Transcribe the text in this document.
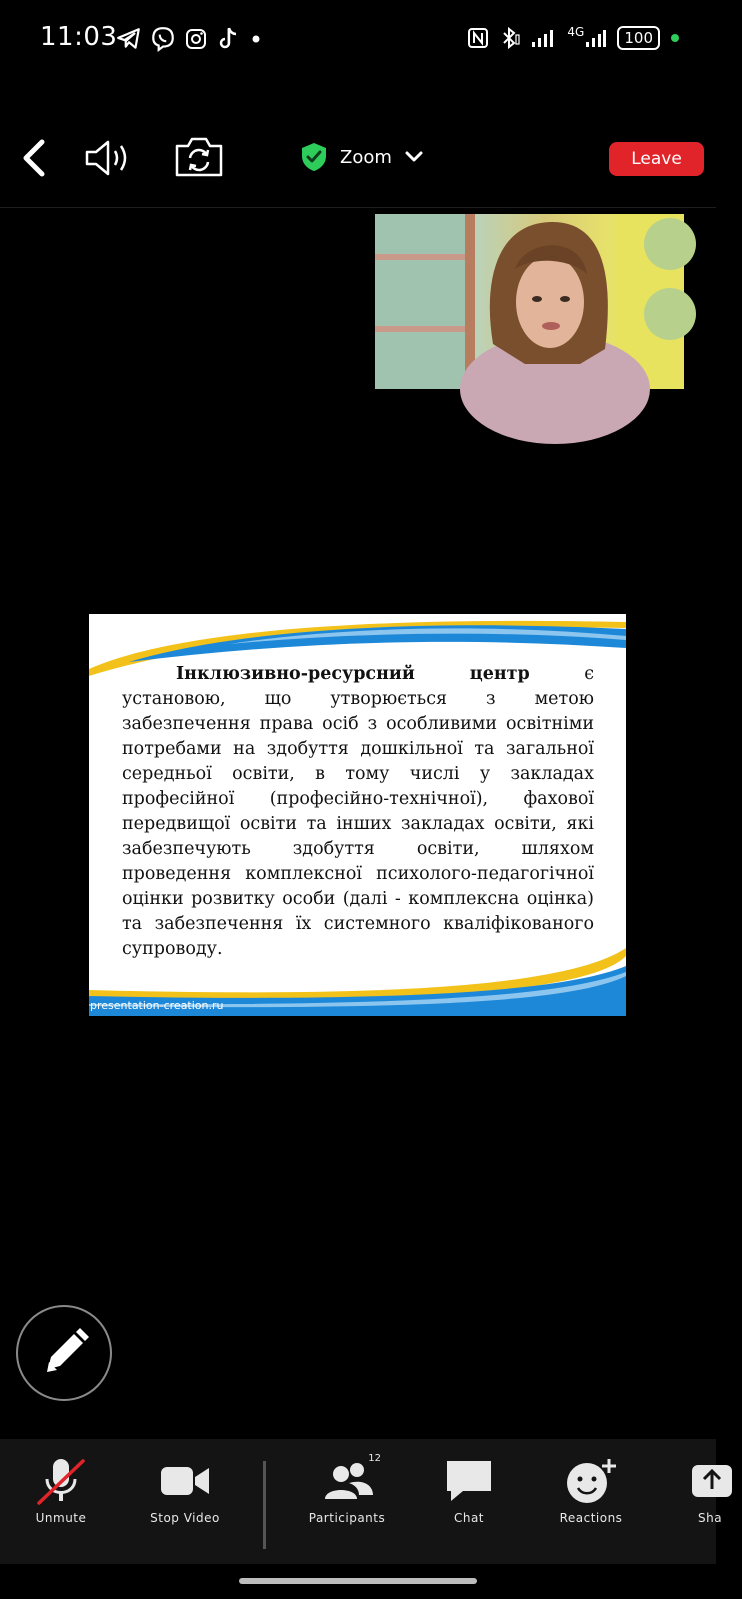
11:03	4G	100
Zoom	Leave
Інклюзивно-ресурсний центр є установою, що утворюється з метою забезпечення права осіб з особливими освітніми потребами на здобуття дошкільної та загальної середньої освіти, в тому числі у закладах професійної (професійно-технічної), фахової передвищої освіти та інших закладах освіти, які забезпечують здобуття освіти, шляхом проведення комплексної психолого-педагогічної оцінки розвитку особи (далі - комплексна оцінка) та забезпечення їх системного кваліфікованого супроводу.
presentation-creation.ru
Unmute	Stop Video
12
Participants	Chat	Reactions	Sha
